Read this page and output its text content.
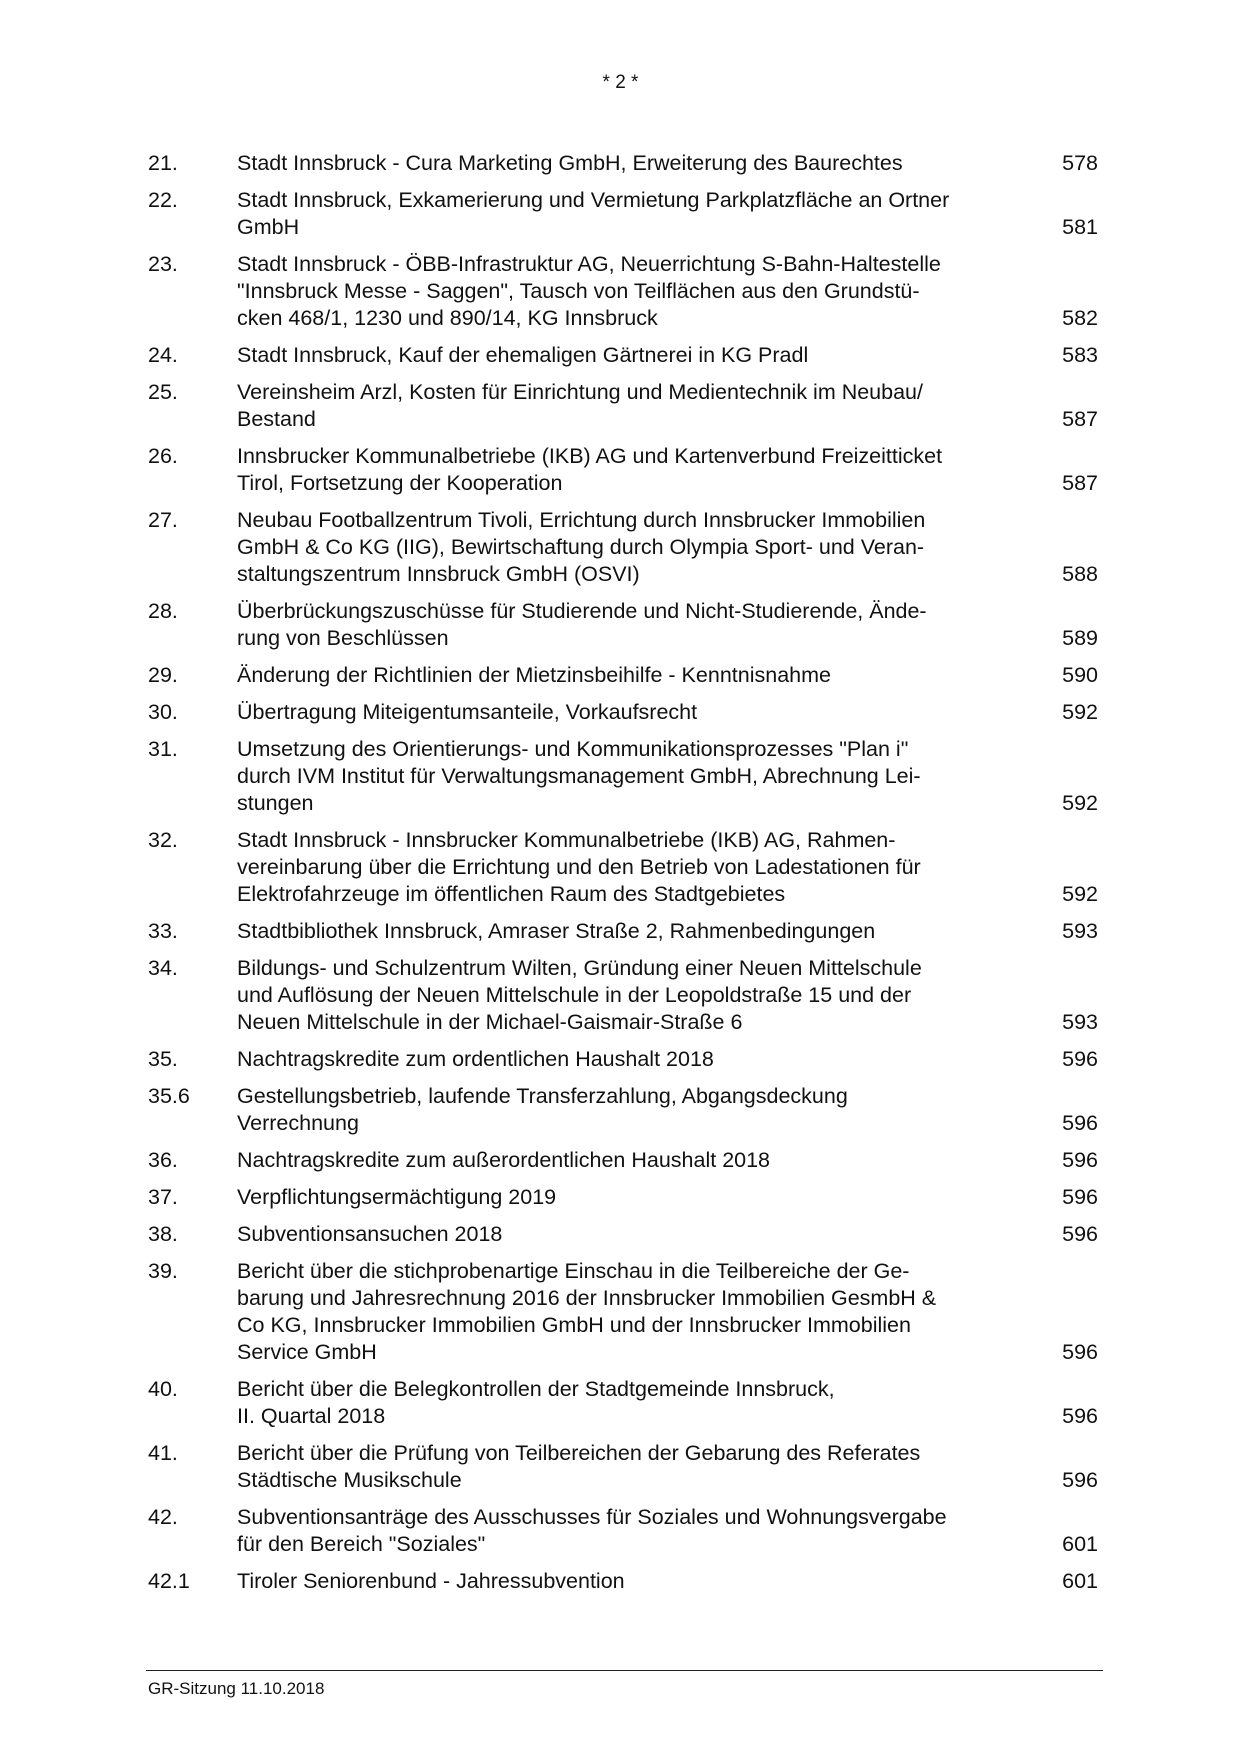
* 2 *
21.	Stadt Innsbruck - Cura Marketing GmbH, Erweiterung des Baurechtes	578
22.	Stadt Innsbruck, Exkamerierung und Vermietung Parkplatzfläche an Ortner
GmbH	581
23.	Stadt Innsbruck - ÖBB-Infrastruktur AG, Neuerrichtung S-Bahn-Haltestelle
"Innsbruck Messe - Saggen", Tausch von Teilflächen aus den Grundstü-
cken 468/1, 1230 und 890/14, KG Innsbruck	582
24.	Stadt Innsbruck, Kauf der ehemaligen Gärtnerei in KG Pradl	583
25.	Vereinsheim Arzl, Kosten für Einrichtung und Medientechnik im Neubau/
Bestand	587
26.	Innsbrucker Kommunalbetriebe (IKB) AG und Kartenverbund Freizeitticket
Tirol, Fortsetzung der Kooperation	587
27.	Neubau Footballzentrum Tivoli, Errichtung durch Innsbrucker Immobilien
GmbH & Co KG (IIG), Bewirtschaftung durch Olympia Sport- und Veran-
staltungszentrum Innsbruck GmbH (OSVI)	588
28.	Überbrückungszuschüsse für Studierende und Nicht-Studierende, Ände-
rung von Beschlüssen	589
29.	Änderung der Richtlinien der Mietzinsbeihilfe - Kenntnisnahme	590
30.	Übertragung Miteigentumsanteile, Vorkaufsrecht	592
31.	Umsetzung des Orientierungs- und Kommunikationsprozesses "Plan i"
durch IVM Institut für Verwaltungsmanagement GmbH, Abrechnung Lei-
stungen	592
32.	Stadt Innsbruck - Innsbrucker Kommunalbetriebe (IKB) AG, Rahmen-
vereinbarung über die Errichtung und den Betrieb von Ladestationen für
Elektrofahrzeuge im öffentlichen Raum des Stadtgebietes	592
33.	Stadtbibliothek Innsbruck, Amraser Straße 2, Rahmenbedingungen	593
34.	Bildungs- und Schulzentrum Wilten, Gründung einer Neuen Mittelschule
und Auflösung der Neuen Mittelschule in der Leopoldstraße 15 und der
Neuen Mittelschule in der Michael-Gaismair-Straße 6	593
35.	Nachtragskredite zum ordentlichen Haushalt 2018	596
35.6	Gestellungsbetrieb, laufende Transferzahlung, Abgangsdeckung
Verrechnung	596
36.	Nachtragskredite zum außerordentlichen Haushalt 2018	596
37.	Verpflichtungsermächtigung 2019	596
38.	Subventionsansuchen 2018	596
39.	Bericht über die stichprobenartige Einschau in die Teilbereiche der Ge-
barung und Jahresrechnung 2016 der Innsbrucker Immobilien GesmbH &
Co KG, Innsbrucker Immobilien GmbH und der Innsbrucker Immobilien
Service GmbH	596
40.	Bericht über die Belegkontrollen der Stadtgemeinde Innsbruck,
II. Quartal 2018	596
41.	Bericht über die Prüfung von Teilbereichen der Gebarung des Referates
Städtische Musikschule	596
42.	Subventionsanträge des Ausschusses für Soziales und Wohnungsvergabe
für den Bereich "Soziales"	601
42.1	Tiroler Seniorenbund - Jahressubvention	601
GR-Sitzung 11.10.2018
